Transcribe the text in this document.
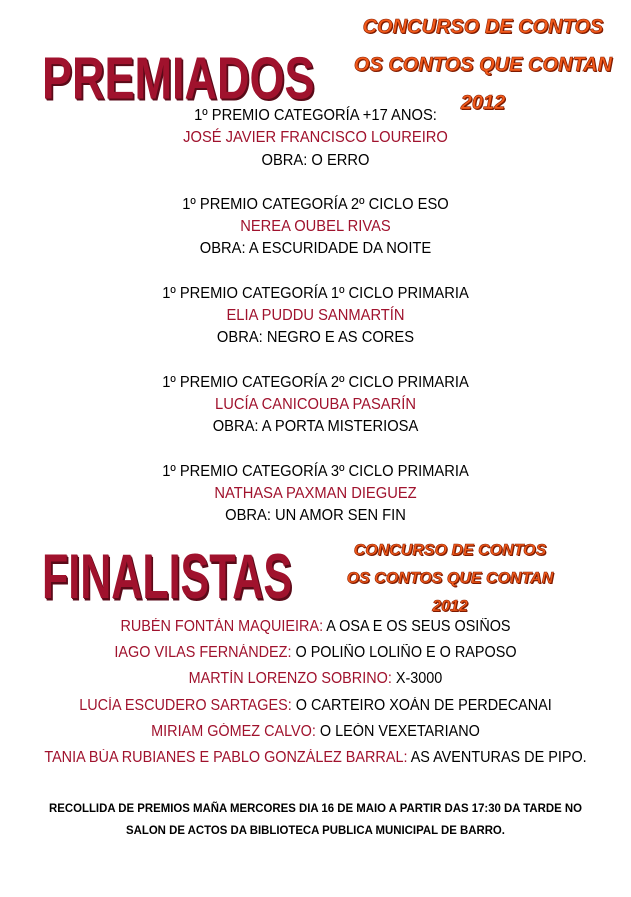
PREMIADOS
CONCURSO DE CONTOS
OS CONTOS QUE CONTAN
2012
1º PREMIO CATEGORÍA +17 ANOS:
JOSÉ JAVIER FRANCISCO LOUREIRO
OBRA: O ERRO
1º PREMIO CATEGORÍA 2º CICLO ESO
NEREA OUBEL RIVAS
OBRA: A ESCURIDADE DA NOITE
1º PREMIO CATEGORÍA 1º CICLO PRIMARIA
ELIA PUDDU SANMARTÍN
OBRA: NEGRO E AS CORES
1º PREMIO CATEGORÍA 2º CICLO PRIMARIA
LUCÍA CANICOUBA PASARÍN
OBRA: A PORTA MISTERIOSA
1º PREMIO CATEGORÍA 3º CICLO PRIMARIA
NATHASA PAXMAN DIEGUEZ
OBRA: UN AMOR SEN FIN
FINALISTAS	CONCURSO DE CONTOS
OS CONTOS QUE CONTAN
2012
RUBÉN FONTÁN MAQUIEIRA: A OSA E OS SEUS OSIÑOS
IAGO VILAS FERNÁNDEZ: O POLIÑO LOLIÑO E O RAPOSO
MARTÍN LORENZO SOBRINO: X-3000
LUCÍA ESCUDERO SARTAGES: O CARTEIRO XOÁN DE PERDECANAI
MIRIAM GÓMEZ CALVO: O LEÓN VEXETARIANO
TANIA BÚA RUBIANES E PABLO GONZÁLEZ BARRAL: AS AVENTURAS DE PIPO.
RECOLLIDA DE PREMIOS MAÑA MERCORES DIA 16 DE MAIO A PARTIR DAS 17:30 DA TARDE NO
SALON DE ACTOS DA BIBLIOTECA PUBLICA MUNICIPAL DE BARRO.
